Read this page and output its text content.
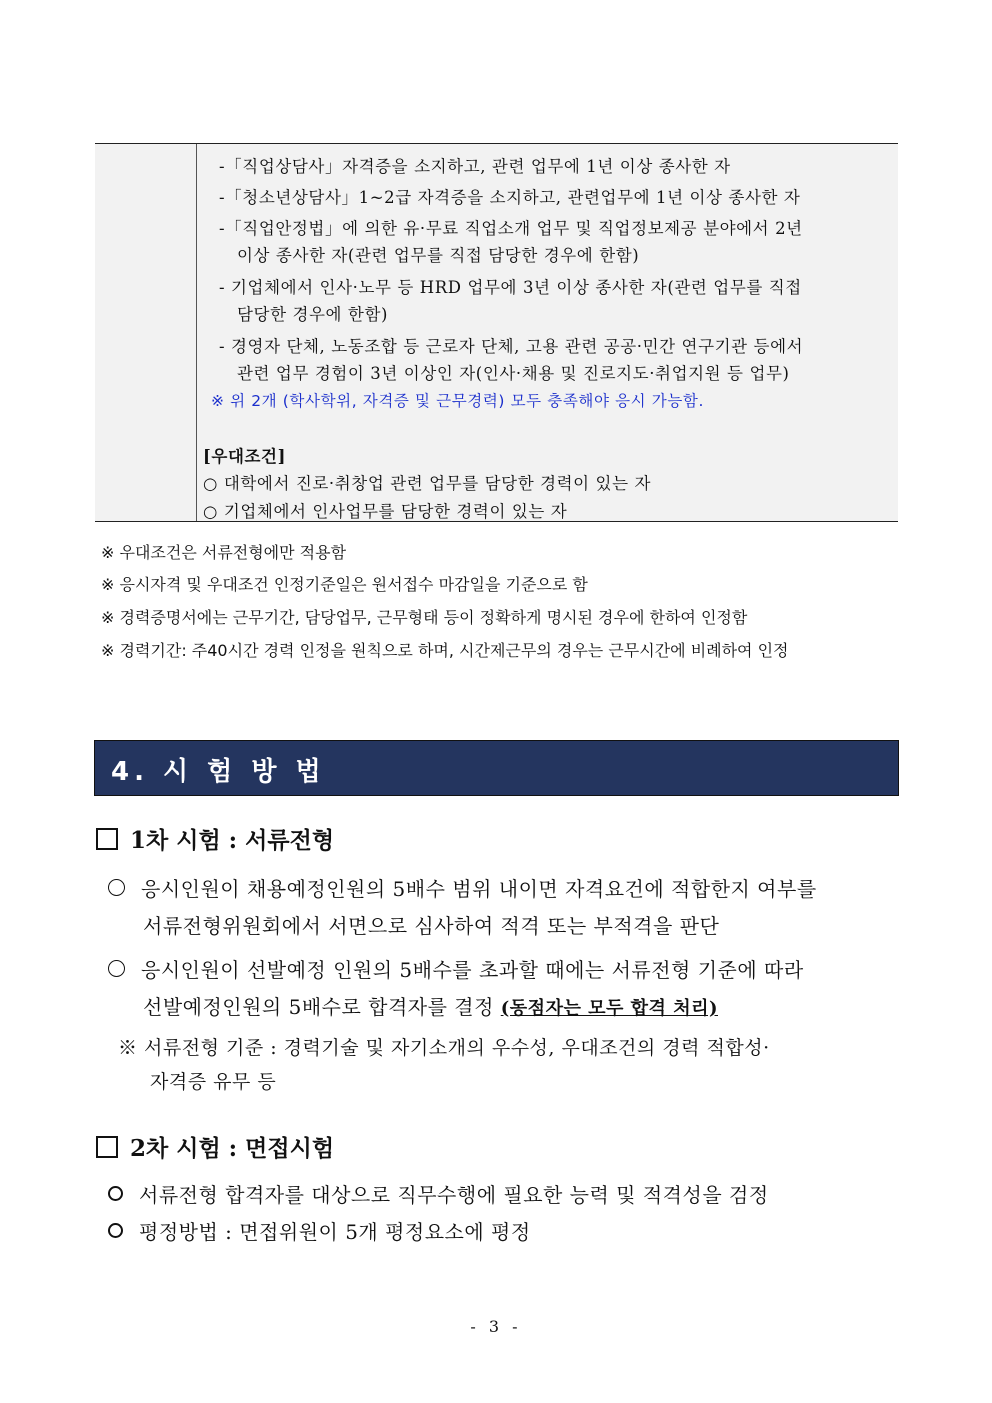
-「직업상담사」자격증을 소지하고, 관련 업무에 1년 이상 종사한 자
-「청소년상담사」1~2급 자격증을 소지하고, 관련업무에 1년 이상 종사한 자
-「직업안정법」에 의한 유·무료 직업소개 업무 및 직업정보제공 분야에서 2년
이상 종사한 자(관련 업무를 직접 담당한 경우에 한함)
- 기업체에서 인사·노무 등 HRD 업무에 3년 이상 종사한 자(관련 업무를 직접
담당한 경우에 한함)
- 경영자 단체, 노동조합 등 근로자 단체, 고용 관련 공공·민간 연구기관 등에서
관련 업무 경험이 3년 이상인 자(인사·채용 및 진로지도·취업지원 등 업무)
※ 위 2개 (학사학위, 자격증 및 근무경력) 모두 충족해야 응시 가능함.
[우대조건]
○ 대학에서 진로·취창업 관련 업무를 담당한 경력이 있는 자
○ 기업체에서 인사업무를 담당한 경력이 있는 자
※ 우대조건은 서류전형에만 적용함
※ 응시자격 및 우대조건 인정기준일은 원서접수 마감일을 기준으로 함
※ 경력증명서에는 근무기간, 담당업무, 근무형태 등이 정확하게 명시된 경우에 한하여 인정함
※ 경력기간: 주40시간 경력 인정을 원칙으로 하며, 시간제근무의 경우는 근무시간에 비례하여 인정
4. 시 험 방 법
1차 시험 : 서류전형
응시인원이 채용예정인원의 5배수 범위 내이면 자격요건에 적합한지 여부를
서류전형위원회에서 서면으로 심사하여 적격 또는 부적격을 판단
응시인원이 선발예정 인원의 5배수를 초과할 때에는 서류전형 기준에 따라
선발예정인원의 5배수로 합격자를 결정 (동점자는 모두 합격 처리)
※ 서류전형 기준 : 경력기술 및 자기소개의 우수성, 우대조건의 경력 적합성·
자격증 유무 등
2차 시험 : 면접시험
서류전형 합격자를 대상으로 직무수행에 필요한 능력 및 적격성을 검정
평정방법 : 면접위원이 5개 평정요소에 평정
- 3 -
